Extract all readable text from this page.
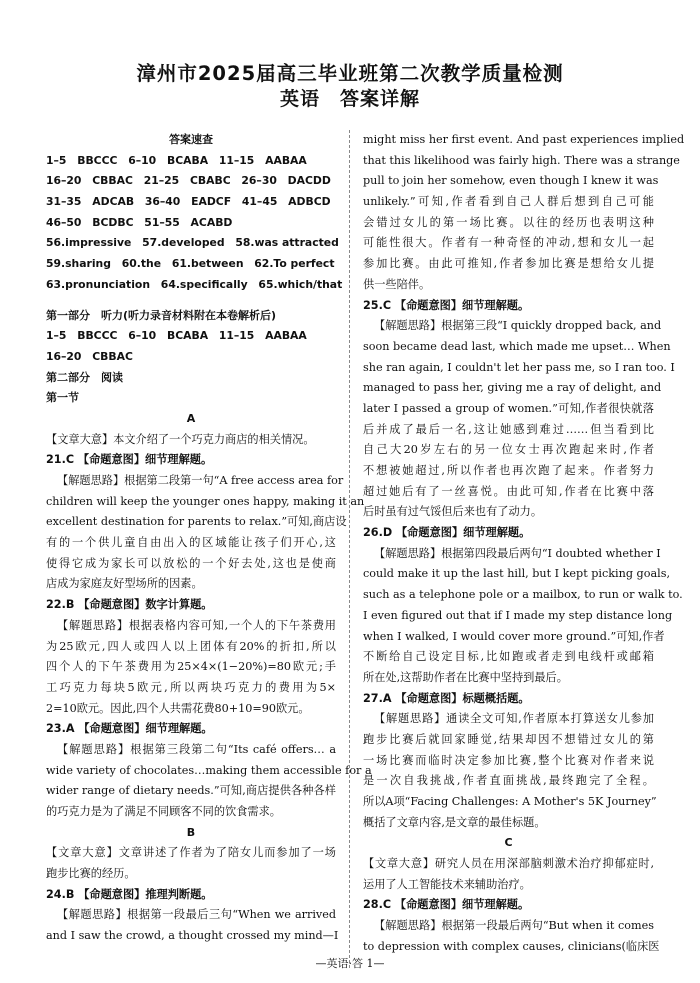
漳州市2025届高三毕业班第二次教学质量检测
英语　答案详解
答案速查
1–5　BBCCC　6–10　BCABA　11–15　AABAA
16–20　CBBAC　21–25　CBABC　26–30　DACDD
31–35　ADCAB　36–40　EADCF　41–45　ADBCD
46–50　BCDBC　51–55　ACABD
56.impressive　57.developed　58.was attracted
59.sharing　60.the　61.between　62.To perfect
63.pronunciation　64.specifically　65.which/that
第一部分　听力(听力录音材料附在本卷解析后)
1–5　BBCCC　6–10　BCABA　11–15　AABAA
16–20　CBBAC
第二部分　阅读
第一节
A
【文章大意】本文介绍了一个巧克力商店的相关情况。
21.C 【命题意图】细节理解题。
【解题思路】根据第二段第一句“A free access area for
children will keep the younger ones happy, making it an
excellent destination for parents to relax.”可知,商店设
有的一个供儿童自由出入的区域能让孩子们开心,这
使得它成为家长可以放松的一个好去处,这也是使商
店成为家庭友好型场所的因素。
22.B 【命题意图】数字计算题。
【解题思路】根据表格内容可知,一个人的下午茶费用
为25欧元,四人或四人以上团体有20%的折扣,所以
四个人的下午茶费用为25×4×(1−20%)=80欧元;手
工巧克力每块5欧元,所以两块巧克力的费用为5×
2=10欧元。因此,四个人共需花费80+10=90欧元。
23.A 【命题意图】细节理解题。
【解题思路】根据第三段第二句“Its café offers… a
wide variety of chocolates…making them accessible for a
wider range of dietary needs.”可知,商店提供各种各样
的巧克力是为了满足不同顾客不同的饮食需求。
B
【文章大意】文章讲述了作者为了陪女儿而参加了一场
跑步比赛的经历。
24.B 【命题意图】推理判断题。
【解题思路】根据第一段最后三句“When we arrived
and I saw the crowd, a thought crossed my mind—I
might miss her first event. And past experiences implied
that this likelihood was fairly high. There was a strange
pull to join her somehow, even though I knew it was
unlikely.”可知,作者看到自己人群后想到自己可能
会错过女儿的第一场比赛。以往的经历也表明这种
可能性很大。作者有一种奇怪的冲动,想和女儿一起
参加比赛。由此可推知,作者参加比赛是想给女儿提
供一些陪伴。
25.C 【命题意图】细节理解题。
【解题思路】根据第三段“I quickly dropped back, and
soon became dead last, which made me upset… When
she ran again, I couldn't let her pass me, so I ran too. I
managed to pass her, giving me a ray of delight, and
later I passed a group of women.”可知,作者很快就落
后并成了最后一名,这让她感到难过……但当看到比
自己大20岁左右的另一位女士再次跑起来时,作者
不想被她超过,所以作者也再次跑了起来。作者努力
超过她后有了一丝喜悦。由此可知,作者在比赛中落
后时虽有过气馁但后来也有了动力。
26.D 【命题意图】细节理解题。
【解题思路】根据第四段最后两句“I doubted whether I
could make it up the last hill, but I kept picking goals,
such as a telephone pole or a mailbox, to run or walk to.
I even figured out that if I made my step distance long
when I walked, I would cover more ground.”可知,作者
不断给自己设定目标,比如跑或者走到电线杆或邮箱
所在处,这帮助作者在比赛中坚持到最后。
27.A 【命题意图】标题概括题。
【解题思路】通读全文可知,作者原本打算送女儿参加
跑步比赛后就回家睡觉,结果却因不想错过女儿的第
一场比赛而临时决定参加比赛,整个比赛对作者来说
是一次自我挑战,作者直面挑战,最终跑完了全程。
所以A项“Facing Challenges: A Mother's 5K Journey”
概括了文章内容,是文章的最佳标题。
C
【文章大意】研究人员在用深部脑刺激术治疗抑郁症时,
运用了人工智能技术来辅助治疗。
28.C 【命题意图】细节理解题。
【解题思路】根据第一段最后两句“But when it comes
to depression with complex causes, clinicians(临床医
—英语·答 1—
